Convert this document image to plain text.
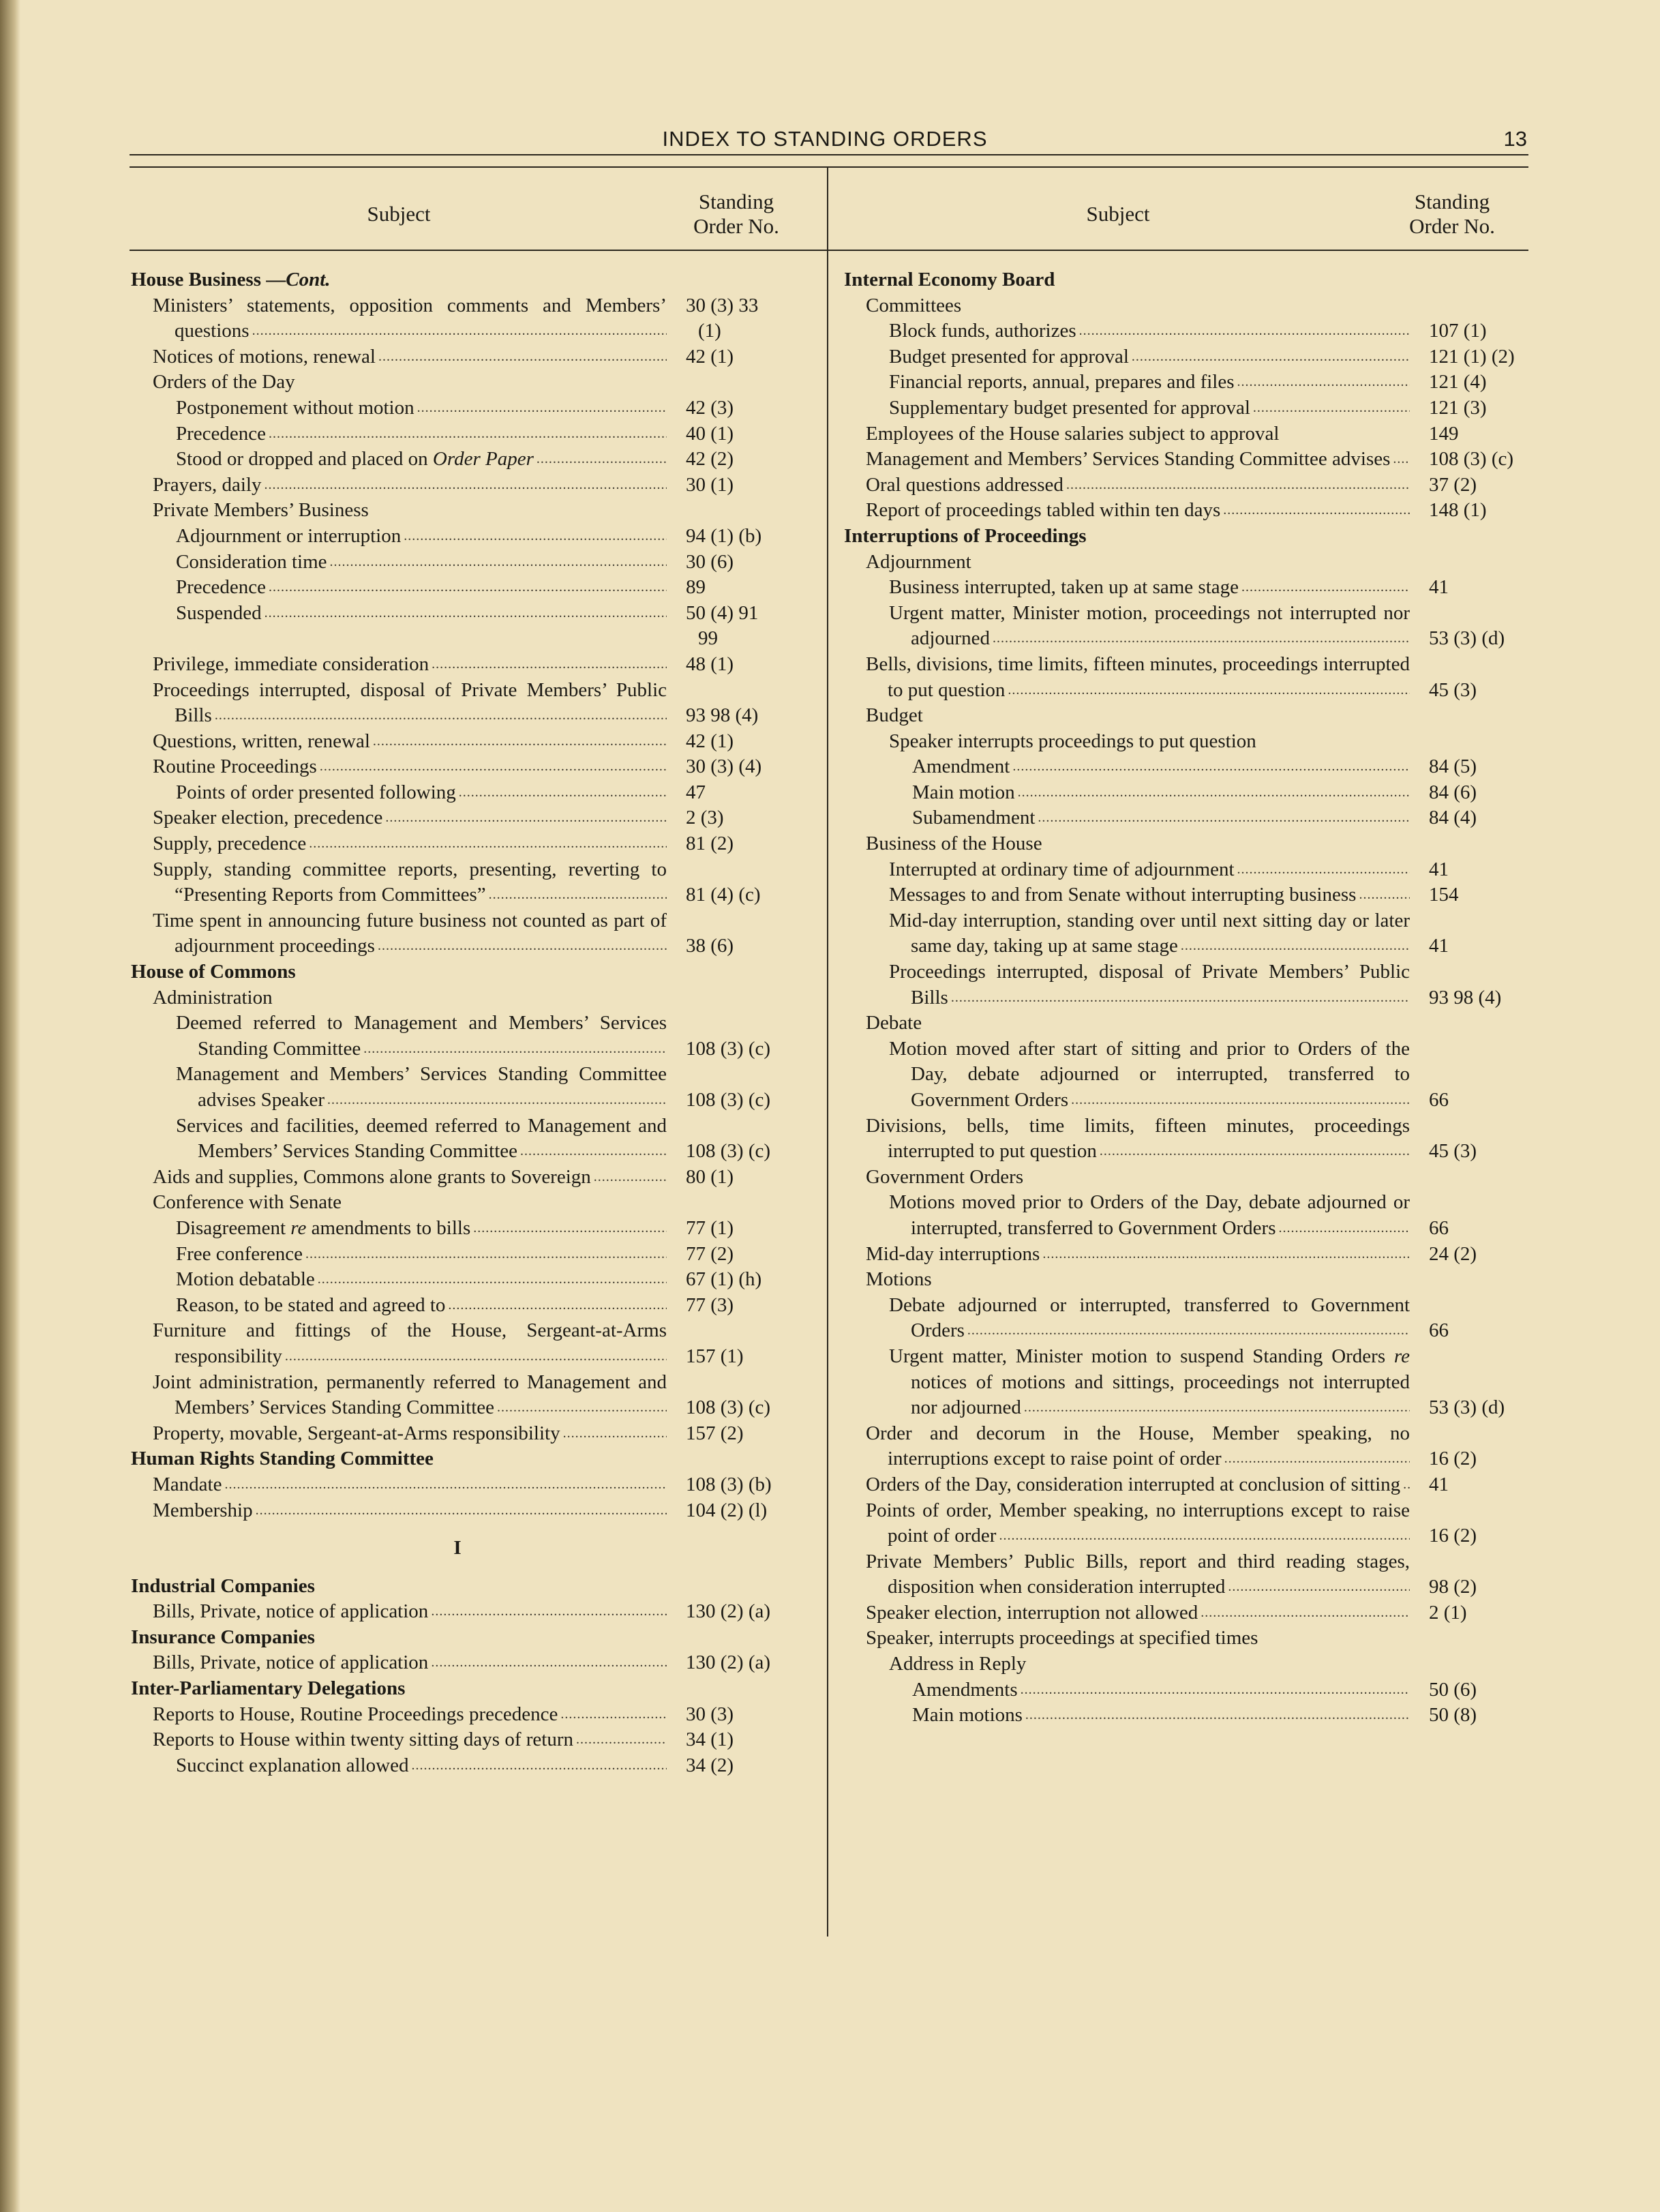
INDEX TO STANDING ORDERS	13
Subject
Standing
Order No.
Subject
Standing
Order No.
House Business —Cont.
Ministers’ statements, opposition comments and Members’ questions . . .
30 (3) 33
(1)
Notices of motions, renewal . . .	42 (1)
Orders of the Day
Postponement without motion . . .	42 (3)
Precedence . . .	40 (1)
Stood or dropped and placed on Order Paper . . .	42 (2)
Prayers, daily . . .	30 (1)
Private Members’ Business
Adjournment or interruption . . .	94 (1) (b)
Consideration time . . .	30 (6)
Precedence . . .	89
Suspended . . .	50 (4) 91
99
Privilege, immediate consideration . . .	48 (1)
Proceedings interrupted, disposal of Private Members’ Public Bills . . .	93 98 (4)
Questions, written, renewal . . .	42 (1)
Routine Proceedings . . .	30 (3) (4)
Points of order presented following . . .	47
Speaker election, precedence . . .	2 (3)
Supply, precedence . . .	81 (2)
Supply, standing committee reports, presenting, reverting to “Presenting Reports from Committees” . . .	81 (4) (c)
Time spent in announcing future business not counted as part of adjournment proceedings . . .	38 (6)
House of Commons
Administration
Deemed referred to Management and Members’ Services Standing Committee . . .	108 (3) (c)
Management and Members’ Services Standing Committee advises Speaker . . .	108 (3) (c)
Services and facilities, deemed referred to Management and Members’ Services Standing Committee . . .	108 (3) (c)
Aids and supplies, Commons alone grants to Sovereign . . .	80 (1)
Conference with Senate
Disagreement re amendments to bills . . .	77 (1)
Free conference . . .	77 (2)
Motion debatable . . .	67 (1) (h)
Reason, to be stated and agreed to . . .	77 (3)
Furniture and fittings of the House, Sergeant-at-Arms responsibility . . .	157 (1)
Joint administration, permanently referred to Management and Members’ Services Standing Committee . . .	108 (3) (c)
Property, movable, Sergeant-at-Arms responsibility . . .	157 (2)
Human Rights Standing Committee
Mandate . . .	108 (3) (b)
Membership . . .	104 (2) (l)
I
Industrial Companies
Bills, Private, notice of application . . .	130 (2) (a)
Insurance Companies
Bills, Private, notice of application . . .	130 (2) (a)
Inter-Parliamentary Delegations
Reports to House, Routine Proceedings precedence . . .	30 (3)
Reports to House within twenty sitting days of return . . .	34 (1)
Succinct explanation allowed . . .	34 (2)
Internal Economy Board
Committees
Block funds, authorizes . . .	107 (1)
Budget presented for approval . . .	121 (1) (2)
Financial reports, annual, prepares and files . . .	121 (4)
Supplementary budget presented for approval . . .	121 (3)
Employees of the House salaries subject to approval	149
Management and Members’ Services Standing Committee advises . . .	108 (3) (c)
Oral questions addressed . . .	37 (2)
Report of proceedings tabled within ten days . . .	148 (1)
Interruptions of Proceedings
Adjournment
Business interrupted, taken up at same stage . . .	41
Urgent matter, Minister motion, proceedings not interrupted nor adjourned . . .	53 (3) (d)
Bells, divisions, time limits, fifteen minutes, proceedings interrupted to put question . . .	45 (3)
Budget
Speaker interrupts proceedings to put question
Amendment . . .	84 (5)
Main motion . . .	84 (6)
Subamendment . . .	84 (4)
Business of the House
Interrupted at ordinary time of adjournment . . .	41
Messages to and from Senate without interrupting business . . .	154
Mid-day interruption, standing over until next sitting day or later same day, taking up at same stage . . .	41
Proceedings interrupted, disposal of Private Members’ Public Bills . . .	93 98 (4)
Debate
Motion moved after start of sitting and prior to Orders of the Day, debate adjourned or interrupted, transferred to Government Orders . . .	66
Divisions, bells, time limits, fifteen minutes, proceedings interrupted to put question . . .	45 (3)
Government Orders
Motions moved prior to Orders of the Day, debate adjourned or interrupted, transferred to Government Orders . . .	66
Mid-day interruptions . . .	24 (2)
Motions
Debate adjourned or interrupted, transferred to Government Orders . . .	66
Urgent matter, Minister motion to suspend Standing Orders re notices of motions and sittings, proceedings not interrupted nor adjourned . . .	53 (3) (d)
Order and decorum in the House, Member speaking, no interruptions except to raise point of order . . .	16 (2)
Orders of the Day, consideration interrupted at conclusion of sitting . . .	41
Points of order, Member speaking, no interruptions except to raise point of order . . .	16 (2)
Private Members’ Public Bills, report and third reading stages, disposition when consideration interrupted . . .	98 (2)
Speaker election, interruption not allowed . . .	2 (1)
Speaker, interrupts proceedings at specified times
Address in Reply
Amendments . . .	50 (6)
Main motions . . .	50 (8)
